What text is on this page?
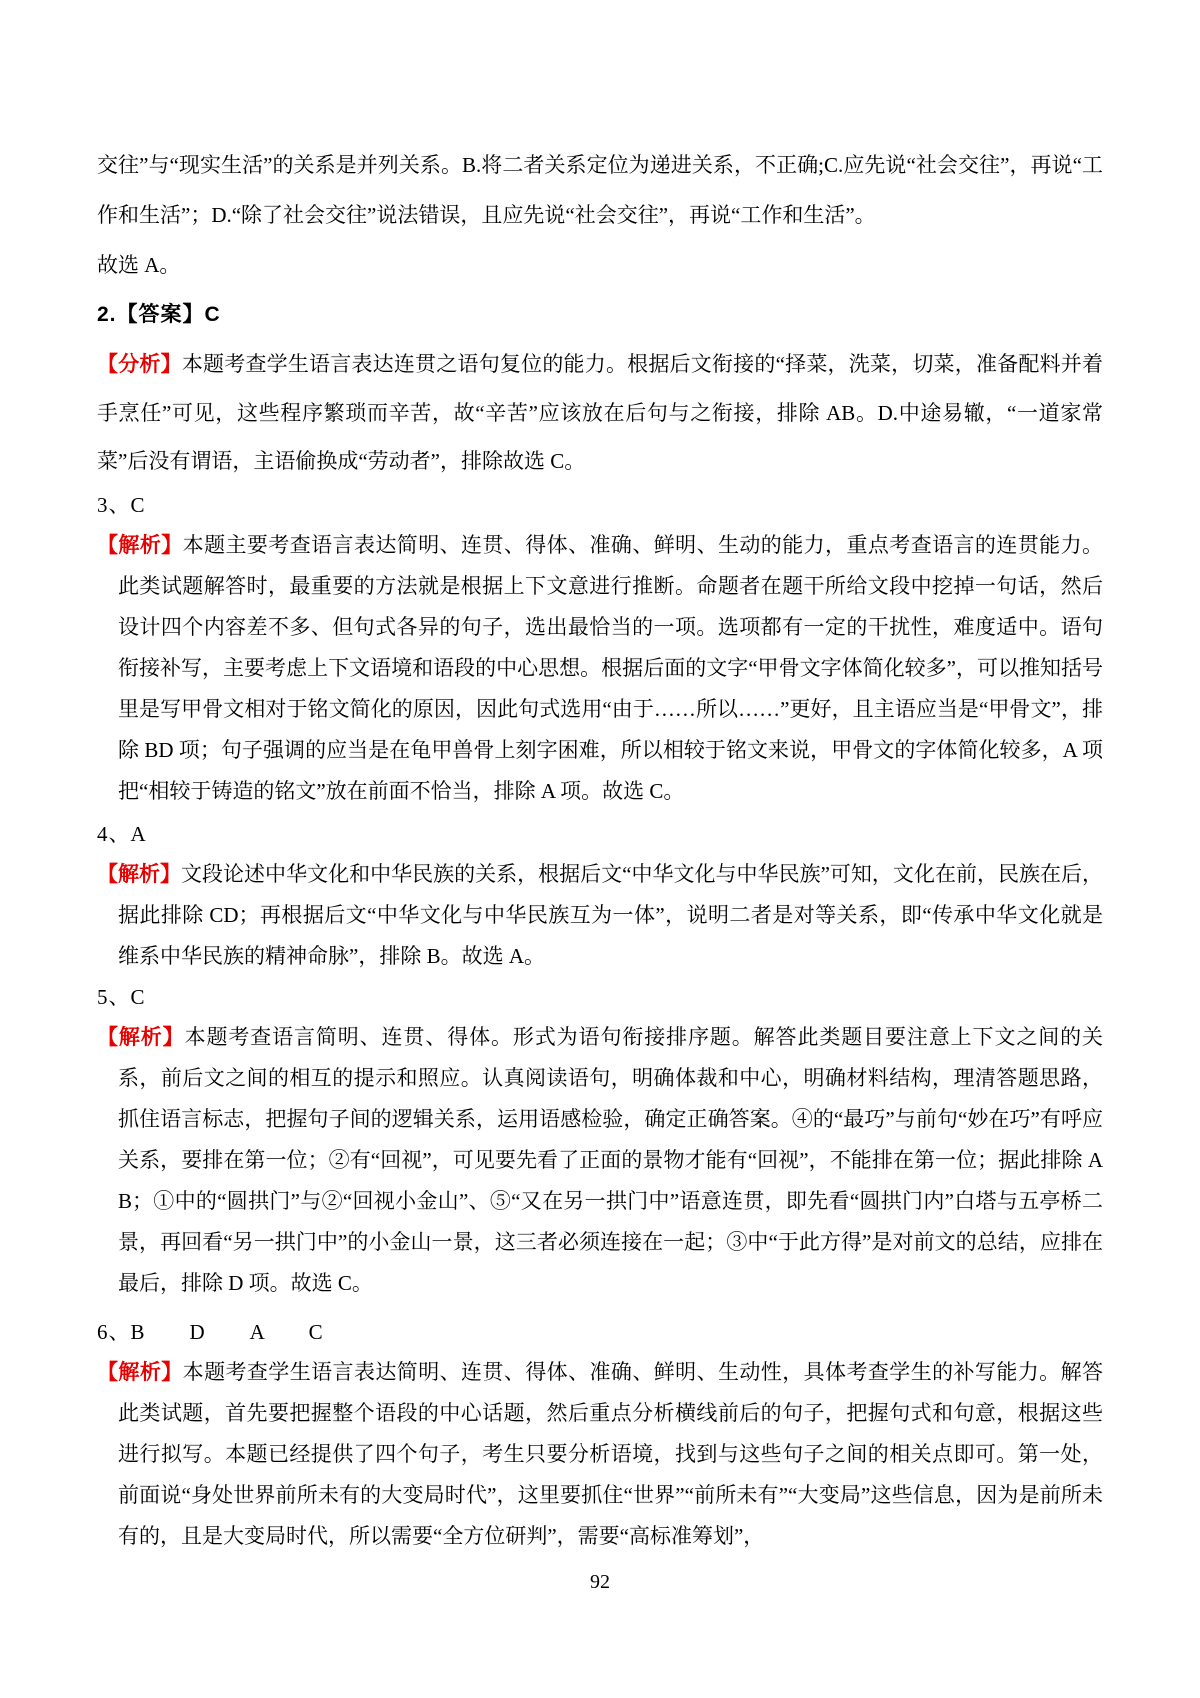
交往”与“现实生活”的关系是并列关系。B.将二者关系定位为递进关系，不正确;C.应先说“社会交往”，再说“工作和生活”；D.“除了社会交往”说法错误，且应先说“社会交往”，再说“工作和生活”。

故选 A。

2.【答案】C

【分析】本题考查学生语言表达连贯之语句复位的能力。根据后文衔接的“择菜，洗菜，切菜，准备配料并着手烹任”可见，这些程序繁琐而辛苦，故“辛苦”应该放在后句与之衔接，排除 AB。D.中途易辙，“一道家常菜”后没有谓语，主语偷换成“劳动者”，排除故选 C。

3、C

【解析】本题主要考查语言表达简明、连贯、得体、准确、鲜明、生动的能力，重点考查语言的连贯能力。此类试题解答时，最重要的方法就是根据上下文意进行推断。命题者在题干所给文段中挖掉一句话，然后设计四个内容差不多、但句式各异的句子，选出最恰当的一项。选项都有一定的干扰性，难度适中。语句衔接补写，主要考虑上下文语境和语段的中心思想。根据后面的文字“甲骨文字体简化较多”，可以推知括号里是写甲骨文相对于铭文简化的原因，因此句式选用“由于……所以……”更好，且主语应当是“甲骨文”，排除 BD 项；句子强调的应当是在龟甲兽骨上刻字困难，所以相较于铭文来说，甲骨文的字体简化较多，A 项把“相较于铸造的铭文”放在前面不恰当，排除 A 项。故选 C。

4、A

【解析】文段论述中华文化和中华民族的关系，根据后文“中华文化与中华民族”可知，文化在前，民族在后，据此排除 CD；再根据后文“中华文化与中华民族互为一体”，说明二者是对等关系，即“传承中华文化就是维系中华民族的精神命脉”，排除 B。故选 A。

5、C

【解析】本题考查语言简明、连贯、得体。形式为语句衔接排序题。解答此类题目要注意上下文之间的关系，前后文之间的相互的提示和照应。认真阅读语句，明确体裁和中心，明确材料结构，理清答题思路，抓住语言标志，把握句子间的逻辑关系，运用语感检验，确定正确答案。④的“最巧”与前句“妙在巧”有呼应关系，要排在第一位；②有“回视”，可见要先看了正面的景物才能有“回视”，不能排在第一位；据此排除 AB；①中的“圆拱门”与②“回视小金山”、⑤“又在另一拱门中”语意连贯，即先看“圆拱门内”白塔与五亭桥二景，再回看“另一拱门中”的小金山一景，这三者必须连接在一起；③中“于此方得”是对前文的总结，应排在最后，排除 D 项。故选 C。

6、B　　D　　A　　C

【解析】本题考查学生语言表达简明、连贯、得体、准确、鲜明、生动性，具体考查学生的补写能力。解答此类试题，首先要把握整个语段的中心话题，然后重点分析横线前后的句子，把握句式和句意，根据这些进行拟写。本题已经提供了四个句子，考生只要分析语境，找到与这些句子之间的相关点即可。第一处，前面说“身处世界前所未有的大变局时代”，这里要抓住“世界”“前所未有”“大变局”这些信息，因为是前所未有的，且是大变局时代，所以需要“全方位研判”，需要“高标准筹划”，

92
